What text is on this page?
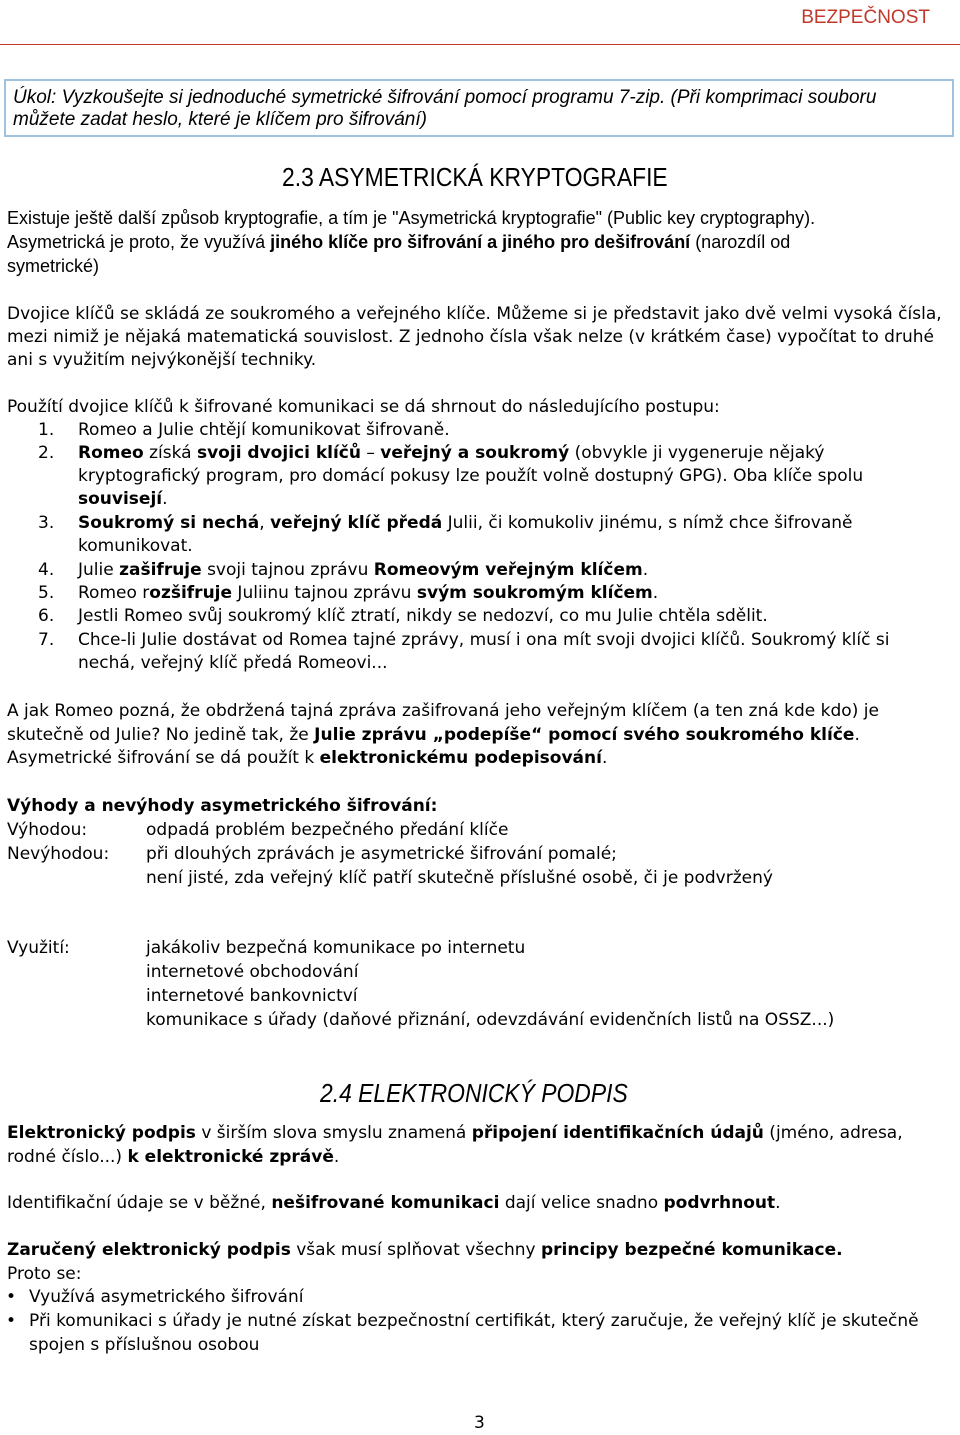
BEZPEČNOST
Úkol: Vyzkoušejte si jednoduché symetrické šifrování pomocí programu 7-zip. (Při komprimaci souboru
můžete zadat heslo, které je klíčem pro šifrování)
2.3 ASYMETRICKÁ KRYPTOGRAFIE
Existuje ještě další způsob kryptografie, a tím je "Asymetrická kryptografie" (Public key cryptography).
Asymetrická je proto, že využívá jiného klíče pro šifrování a jiného pro dešifrování (narozdíl od
symetrické)
Dvojice klíčů se skládá ze soukromého a veřejného klíče. Můžeme si je představit jako dvě velmi vysoká čísla,
mezi nimiž je nějaká matematická souvislost. Z jednoho čísla však nelze (v krátkém čase) vypočítat to druhé
ani s využitím nejvýkonější techniky.
Použítí dvojice klíčů k šifrované komunikaci se dá shrnout do následujícího postupu:
1. Romeo a Julie chtějí komunikovat šifrovaně.
2. Romeo získá svoji dvojici klíčů – veřejný a soukromý (obvykle ji vygeneruje nějaký
kryptografický program, pro domácí pokusy lze použít volně dostupný GPG). Oba klíče spolu
souvisejí.
3. Soukromý si nechá, veřejný klíč předá Julii, či komukoliv jinému, s nímž chce šifrovaně
komunikovat.
4. Julie zašifruje svoji tajnou zprávu Romeovým veřejným klíčem.
5. Romeo rozšifruje Juliinu tajnou zprávu svým soukromým klíčem.
6. Jestli Romeo svůj soukromý klíč ztratí, nikdy se nedozví, co mu Julie chtěla sdělit.
7. Chce-li Julie dostávat od Romea tajné zprávy, musí i ona mít svoji dvojici klíčů. Soukromý klíč si
nechá, veřejný klíč předá Romeovi...
A jak Romeo pozná, že obdržená tajná zpráva zašifrovaná jeho veřejným klíčem (a ten zná kde kdo) je
skutečně od Julie? No jedině tak, že Julie zprávu „podepíše“ pomocí svého soukromého klíče.
Asymetrické šifrování se dá použít k elektronickému podepisování.
Výhody a nevýhody asymetrického šifrování:
Výhodou:	odpadá problém bezpečného předání klíče
Nevýhodou: při dlouhých zprávách je asymetrické šifrování pomalé;
není jisté, zda veřejný klíč patří skutečně příslušné osobě, či je podvržený
Využití:	jakákoliv bezpečná komunikace po internetu
internetové obchodování
internetové bankovnictví
komunikace s úřady (daňové přiznání, odevzdávání evidenčních listů na OSSZ...)
2.4 ELEKTRONICKÝ PODPIS
Elektronický podpis v širším slova smyslu znamená připojení identifikačních údajů (jméno, adresa,
rodné číslo...) k elektronické zprávě.
Identifikační údaje se v běžné, nešifrované komunikaci dají velice snadno podvrhnout.
Zaručený elektronický podpis však musí splňovat všechny principy bezpečné komunikace.
Proto se:
• Využívá asymetrického šifrování
• Při komunikaci s úřady je nutné získat bezpečnostní certifikát, který zaručuje, že veřejný klíč je skutečně
spojen s příslušnou osobou
3
